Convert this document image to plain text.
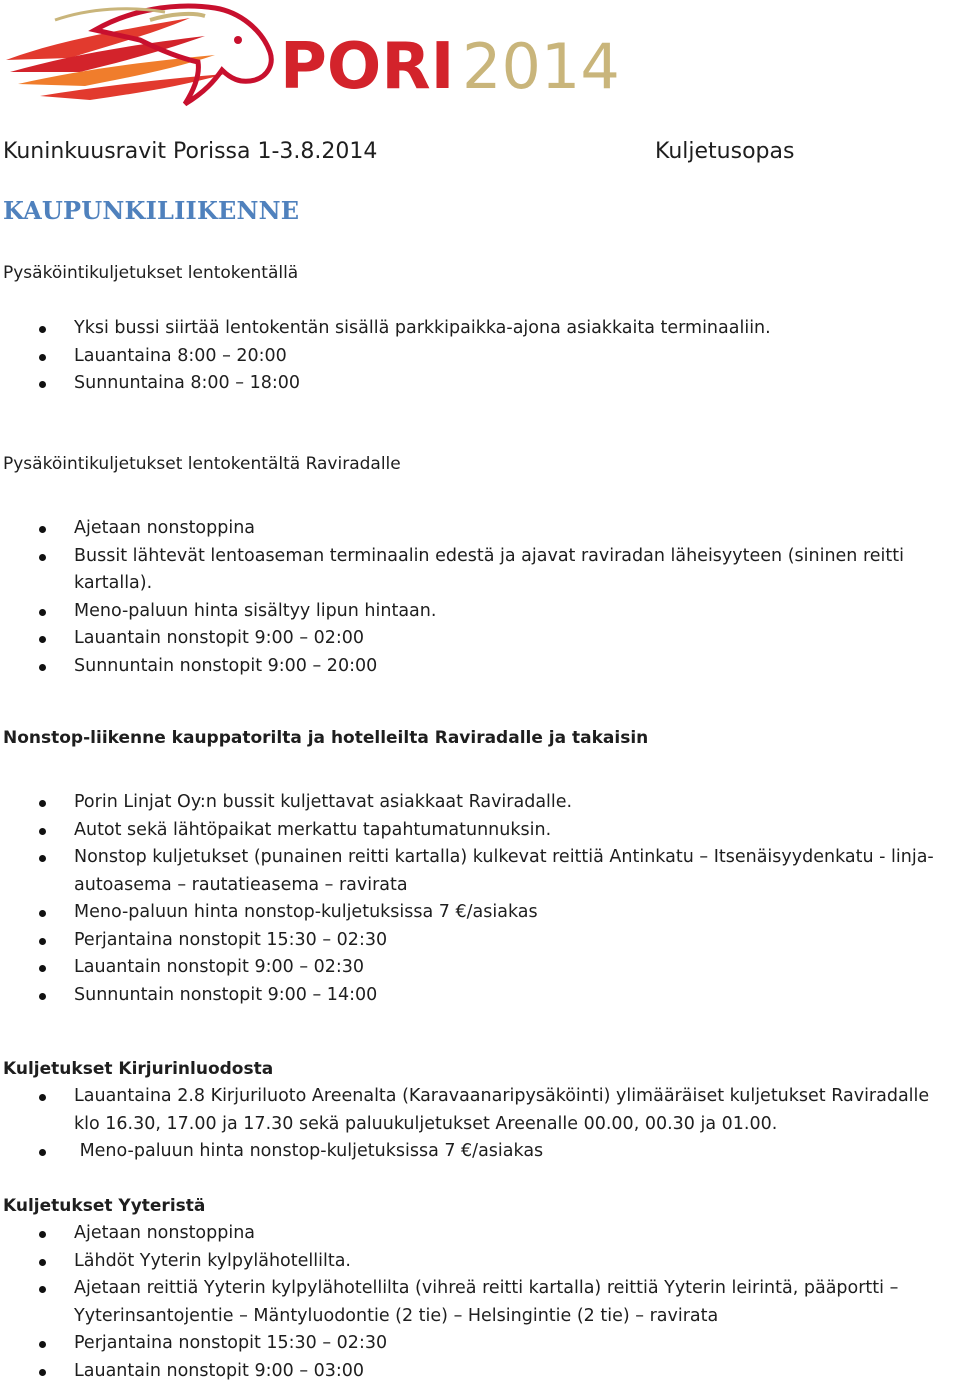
PORI 2014
Kuninkuusravit Porissa 1-3.8.2014	Kuljetusopas
KAUPUNKILIIKENNE

Pysäköintikuljetukset lentokentällä

Yksi bussi siirtää lentokentän sisällä parkkipaikka-ajona asiakkaita terminaaliin.
Lauantaina 8:00 – 20:00
Sunnuntaina 8:00 – 18:00

Pysäköintikuljetukset lentokentältä Raviradalle

Ajetaan nonstoppina
Bussit lähtevät lentoaseman terminaalin edestä ja ajavat raviradan läheisyyteen (sininen reitti kartalla).
Meno-paluun hinta sisältyy lipun hintaan.
Lauantain nonstopit 9:00 – 02:00
Sunnuntain nonstopit 9:00 – 20:00

Nonstop-liikenne kauppatorilta ja hotelleilta Raviradalle ja takaisin

Porin Linjat Oy:n bussit kuljettavat asiakkaat Raviradalle.
Autot sekä lähtöpaikat merkattu tapahtumatunnuksin.
Nonstop kuljetukset (punainen reitti kartalla) kulkevat reittiä Antinkatu – Itsenäisyydenkatu - linja-autoasema – rautatieasema – ravirata
Meno-paluun hinta nonstop-kuljetuksissa 7 €/asiakas
Perjantaina nonstopit 15:30 – 02:30
Lauantain nonstopit 9:00 – 02:30
Sunnuntain nonstopit 9:00 – 14:00

Kuljetukset Kirjurinluodosta

Lauantaina 2.8 Kirjuriluoto Areenalta (Karavaanaripysäköinti) ylimääräiset kuljetukset Raviradalle klo 16.30, 17.00 ja 17.30 sekä paluukuljetukset Areenalle 00.00, 00.30 ja 01.00.
Meno-paluun hinta nonstop-kuljetuksissa 7 €/asiakas

Kuljetukset Yyteristä

Ajetaan nonstoppina
Lähdöt Yyterin kylpylähotellilta.
Ajetaan reittiä Yyterin kylpylähotellilta (vihreä reitti kartalla) reittiä Yyterin leirintä, pääportti – Yyterinsantojentie – Mäntyluodontie (2 tie) – Helsingintie (2 tie) – ravirata
Perjantaina nonstopit 15:30 – 02:30
Lauantain nonstopit 9:00 – 03:00
